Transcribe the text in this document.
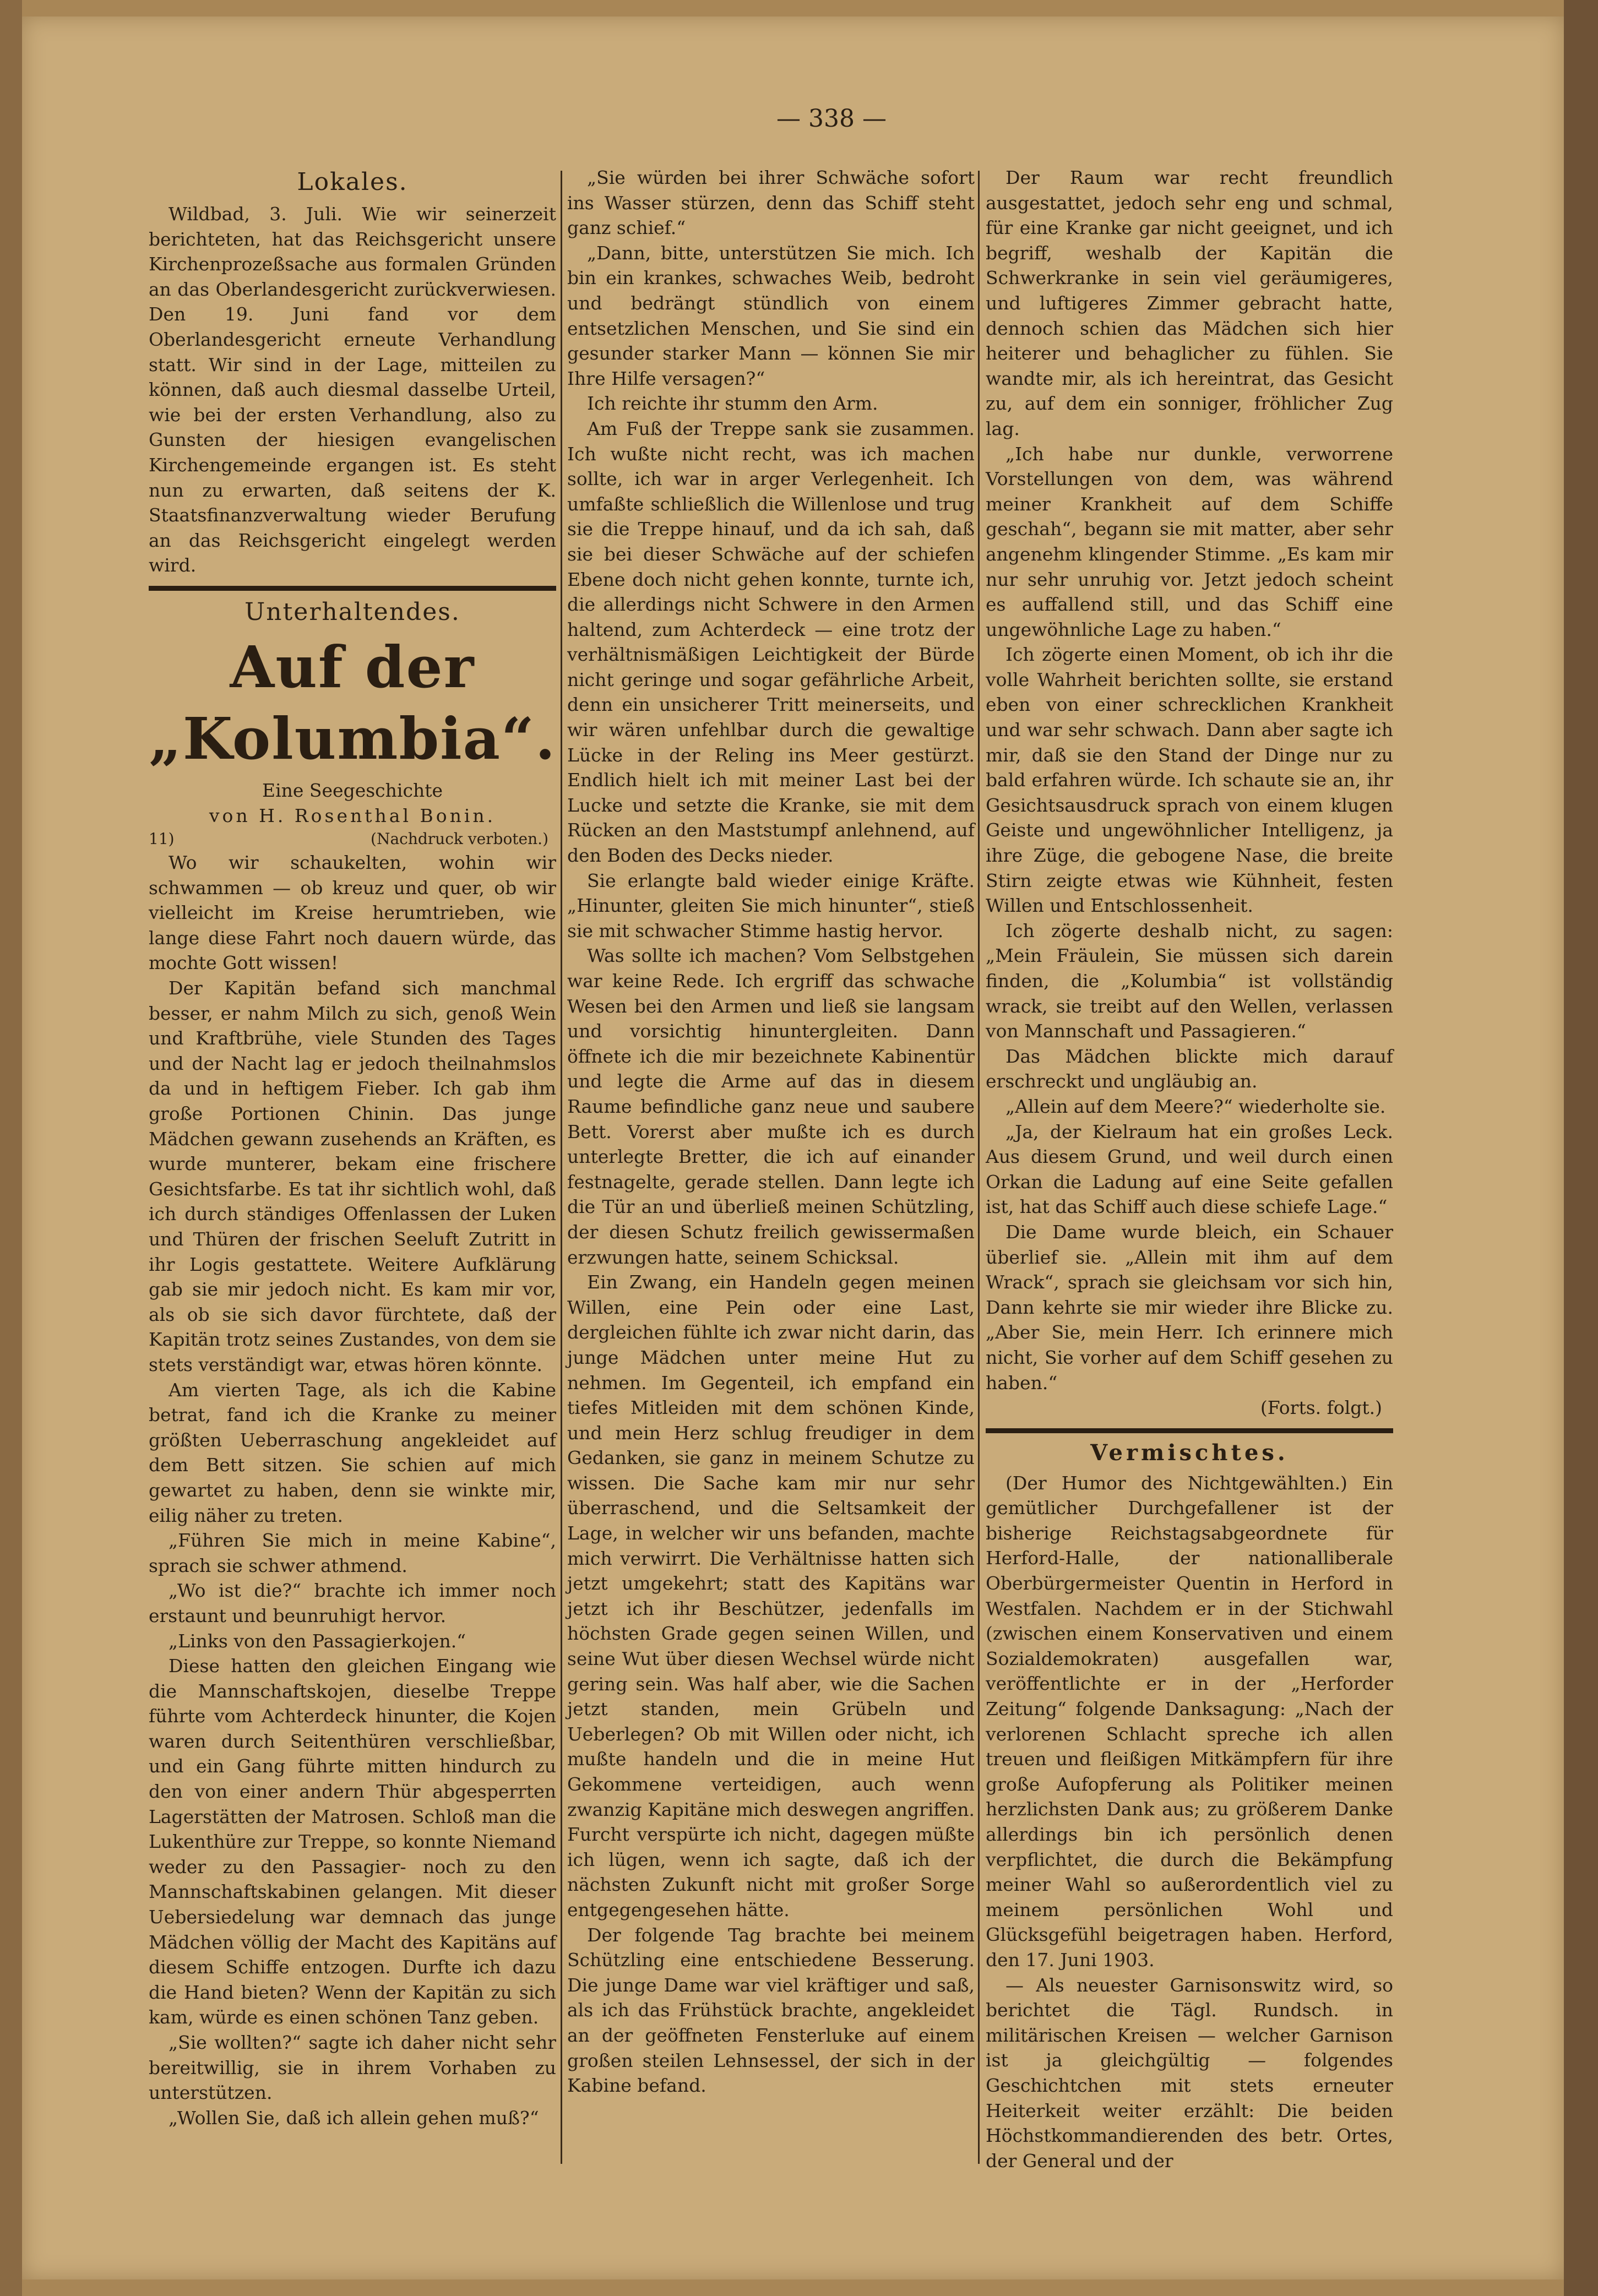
— 338 —
Lokales.

Wildbad, 3. Juli. Wie wir seinerzeit berichteten, hat das Reichsgericht unsere Kirchenprozeßsache aus formalen Gründen an das Oberlandesgericht zurückverwiesen. Den 19. Juni fand vor dem Oberlandesgericht erneute Verhandlung statt. Wir sind in der Lage, mitteilen zu können, daß auch diesmal dasselbe Urteil, wie bei der ersten Verhandlung, also zu Gunsten der hiesigen evangelischen Kirchengemeinde ergangen ist. Es steht nun zu erwarten, daß seitens der K. Staatsfinanzverwaltung wieder Berufung an das Reichsgericht eingelegt werden wird.

Unterhaltendes.
Auf der „Kolumbia“.

Eine Seegeschichte

von H. Rosenthal Bonin.

11)	(Nachdruck verboten.)

Wo wir schaukelten, wohin wir schwammen — ob kreuz und quer, ob wir vielleicht im Kreise herumtrieben, wie lange diese Fahrt noch dauern würde, das mochte Gott wissen!

Der Kapitän befand sich manchmal besser, er nahm Milch zu sich, genoß Wein und Kraftbrühe, viele Stunden des Tages und der Nacht lag er jedoch theilnahmslos da und in heftigem Fieber. Ich gab ihm große Portionen Chinin. Das junge Mädchen gewann zusehends an Kräften, es wurde munterer, bekam eine frischere Gesichtsfarbe. Es tat ihr sichtlich wohl, daß ich durch ständiges Offenlassen der Luken und Thüren der frischen Seeluft Zutritt in ihr Logis gestattete. Weitere Aufklärung gab sie mir jedoch nicht. Es kam mir vor, als ob sie sich davor fürchtete, daß der Kapitän trotz seines Zustandes, von dem sie stets verständigt war, etwas hören könnte.

Am vierten Tage, als ich die Kabine betrat, fand ich die Kranke zu meiner größten Ueberraschung angekleidet auf dem Bett sitzen. Sie schien auf mich gewartet zu haben, denn sie winkte mir, eilig näher zu treten.

„Führen Sie mich in meine Kabine“, sprach sie schwer athmend.

„Wo ist die?“ brachte ich immer noch erstaunt und beunruhigt hervor.

„Links von den Passagierkojen.“

Diese hatten den gleichen Eingang wie die Mannschaftskojen, dieselbe Treppe führte vom Achterdeck hinunter, die Kojen waren durch Seitenthüren verschließbar, und ein Gang führte mitten hindurch zu den von einer andern Thür abgesperrten Lagerstätten der Matrosen. Schloß man die Lukenthüre zur Treppe, so konnte Niemand weder zu den Passagier- noch zu den Mannschaftskabinen gelangen. Mit dieser Uebersiedelung war demnach das junge Mädchen völlig der Macht des Kapitäns auf diesem Schiffe entzogen. Durfte ich dazu die Hand bieten? Wenn der Kapitän zu sich kam, würde es einen schönen Tanz geben.

„Sie wollten?“ sagte ich daher nicht sehr bereitwillig, sie in ihrem Vorhaben zu unterstützen.

„Wollen Sie, daß ich allein gehen muß?“

„Sie würden bei ihrer Schwäche sofort ins Wasser stürzen, denn das Schiff steht ganz schief.“

„Dann, bitte, unterstützen Sie mich. Ich bin ein krankes, schwaches Weib, bedroht und bedrängt stündlich von einem entsetzlichen Menschen, und Sie sind ein gesunder starker Mann — können Sie mir Ihre Hilfe versagen?“

Ich reichte ihr stumm den Arm.

Am Fuß der Treppe sank sie zusammen. Ich wußte nicht recht, was ich machen sollte, ich war in arger Verlegenheit. Ich umfaßte schließlich die Willenlose und trug sie die Treppe hinauf, und da ich sah, daß sie bei dieser Schwäche auf der schiefen Ebene doch nicht gehen konnte, turnte ich, die allerdings nicht Schwere in den Armen haltend, zum Achterdeck — eine trotz der verhältnismäßigen Leichtigkeit der Bürde nicht geringe und sogar gefährliche Arbeit, denn ein unsicherer Tritt meinerseits, und wir wären unfehlbar durch die gewaltige Lücke in der Reling ins Meer gestürzt. Endlich hielt ich mit meiner Last bei der Lucke und setzte die Kranke, sie mit dem Rücken an den Maststumpf anlehnend, auf den Boden des Decks nieder.

Sie erlangte bald wieder einige Kräfte. „Hinunter, gleiten Sie mich hinunter“, stieß sie mit schwacher Stimme hastig hervor.

Was sollte ich machen? Vom Selbstgehen war keine Rede. Ich ergriff das schwache Wesen bei den Armen und ließ sie langsam und vorsichtig hinuntergleiten. Dann öffnete ich die mir bezeichnete Kabinentür und legte die Arme auf das in diesem Raume befindliche ganz neue und saubere Bett. Vorerst aber mußte ich es durch unterlegte Bretter, die ich auf einander festnagelte, gerade stellen. Dann legte ich die Tür an und überließ meinen Schützling, der diesen Schutz freilich gewissermaßen erzwungen hatte, seinem Schicksal.

Ein Zwang, ein Handeln gegen meinen Willen, eine Pein oder eine Last, dergleichen fühlte ich zwar nicht darin, das junge Mädchen unter meine Hut zu nehmen. Im Gegenteil, ich empfand ein tiefes Mitleiden mit dem schönen Kinde, und mein Herz schlug freudiger in dem Gedanken, sie ganz in meinem Schutze zu wissen. Die Sache kam mir nur sehr überraschend, und die Seltsamkeit der Lage, in welcher wir uns befanden, machte mich verwirrt. Die Verhältnisse hatten sich jetzt umgekehrt; statt des Kapitäns war jetzt ich ihr Beschützer, jedenfalls im höchsten Grade gegen seinen Willen, und seine Wut über diesen Wechsel würde nicht gering sein. Was half aber, wie die Sachen jetzt standen, mein Grübeln und Ueberlegen? Ob mit Willen oder nicht, ich mußte handeln und die in meine Hut Gekommene verteidigen, auch wenn zwanzig Kapitäne mich deswegen angriffen. Furcht verspürte ich nicht, dagegen müßte ich lügen, wenn ich sagte, daß ich der nächsten Zukunft nicht mit großer Sorge entgegengesehen hätte.

Der folgende Tag brachte bei meinem Schützling eine entschiedene Besserung. Die junge Dame war viel kräftiger und saß, als ich das Frühstück brachte, angekleidet an der geöffneten Fensterluke auf einem großen steilen Lehnsessel, der sich in der Kabine befand.

Der Raum war recht freundlich ausgestattet, jedoch sehr eng und schmal, für eine Kranke gar nicht geeignet, und ich begriff, weshalb der Kapitän die Schwerkranke in sein viel geräumigeres, und luftigeres Zimmer gebracht hatte, dennoch schien das Mädchen sich hier heiterer und behaglicher zu fühlen. Sie wandte mir, als ich hereintrat, das Gesicht zu, auf dem ein sonniger, fröhlicher Zug lag.

„Ich habe nur dunkle, verworrene Vorstellungen von dem, was während meiner Krankheit auf dem Schiffe geschah“, begann sie mit matter, aber sehr angenehm klingender Stimme. „Es kam mir nur sehr unruhig vor. Jetzt jedoch scheint es auffallend still, und das Schiff eine ungewöhnliche Lage zu haben.“

Ich zögerte einen Moment, ob ich ihr die volle Wahrheit berichten sollte, sie erstand eben von einer schrecklichen Krankheit und war sehr schwach. Dann aber sagte ich mir, daß sie den Stand der Dinge nur zu bald erfahren würde. Ich schaute sie an, ihr Gesichtsausdruck sprach von einem klugen Geiste und ungewöhnlicher Intelligenz, ja ihre Züge, die gebogene Nase, die breite Stirn zeigte etwas wie Kühnheit, festen Willen und Entschlossenheit.

Ich zögerte deshalb nicht, zu sagen: „Mein Fräulein, Sie müssen sich darein finden, die „Kolumbia“ ist vollständig wrack, sie treibt auf den Wellen, verlassen von Mannschaft und Passagieren.“

Das Mädchen blickte mich darauf erschreckt und ungläubig an.

„Allein auf dem Meere?“ wiederholte sie.

„Ja, der Kielraum hat ein großes Leck. Aus diesem Grund, und weil durch einen Orkan die Ladung auf eine Seite gefallen ist, hat das Schiff auch diese schiefe Lage.“

Die Dame wurde bleich, ein Schauer überlief sie. „Allein mit ihm auf dem Wrack“, sprach sie gleichsam vor sich hin, Dann kehrte sie mir wieder ihre Blicke zu. „Aber Sie, mein Herr. Ich erinnere mich nicht, Sie vorher auf dem Schiff gesehen zu haben.“

(Forts. folgt.)

Vermischtes.

(Der Humor des Nichtgewählten.) Ein gemütlicher Durchgefallener ist der bisherige Reichstagsabgeordnete für Herford-Halle, der nationalliberale Oberbürgermeister Quentin in Herford in Westfalen. Nachdem er in der Stichwahl (zwischen einem Konservativen und einem Sozialdemokraten) ausgefallen war, veröffentlichte er in der „Herforder Zeitung“ folgende Danksagung: „Nach der verlorenen Schlacht spreche ich allen treuen und fleißigen Mitkämpfern für ihre große Aufopferung als Politiker meinen herzlichsten Dank aus; zu größerem Danke allerdings bin ich persönlich denen verpflichtet, die durch die Bekämpfung meiner Wahl so außerordentlich viel zu meinem persönlichen Wohl und Glücksgefühl beigetragen haben. Herford, den 17. Juni 1903.

— Als neuester Garnisonswitz wird, so berichtet die Tägl. Rundsch. in militärischen Kreisen — welcher Garnison ist ja gleichgültig — folgendes Geschichtchen mit stets erneuter Heiterkeit weiter erzählt: Die beiden Höchstkommandierenden des betr. Ortes, der General und der
